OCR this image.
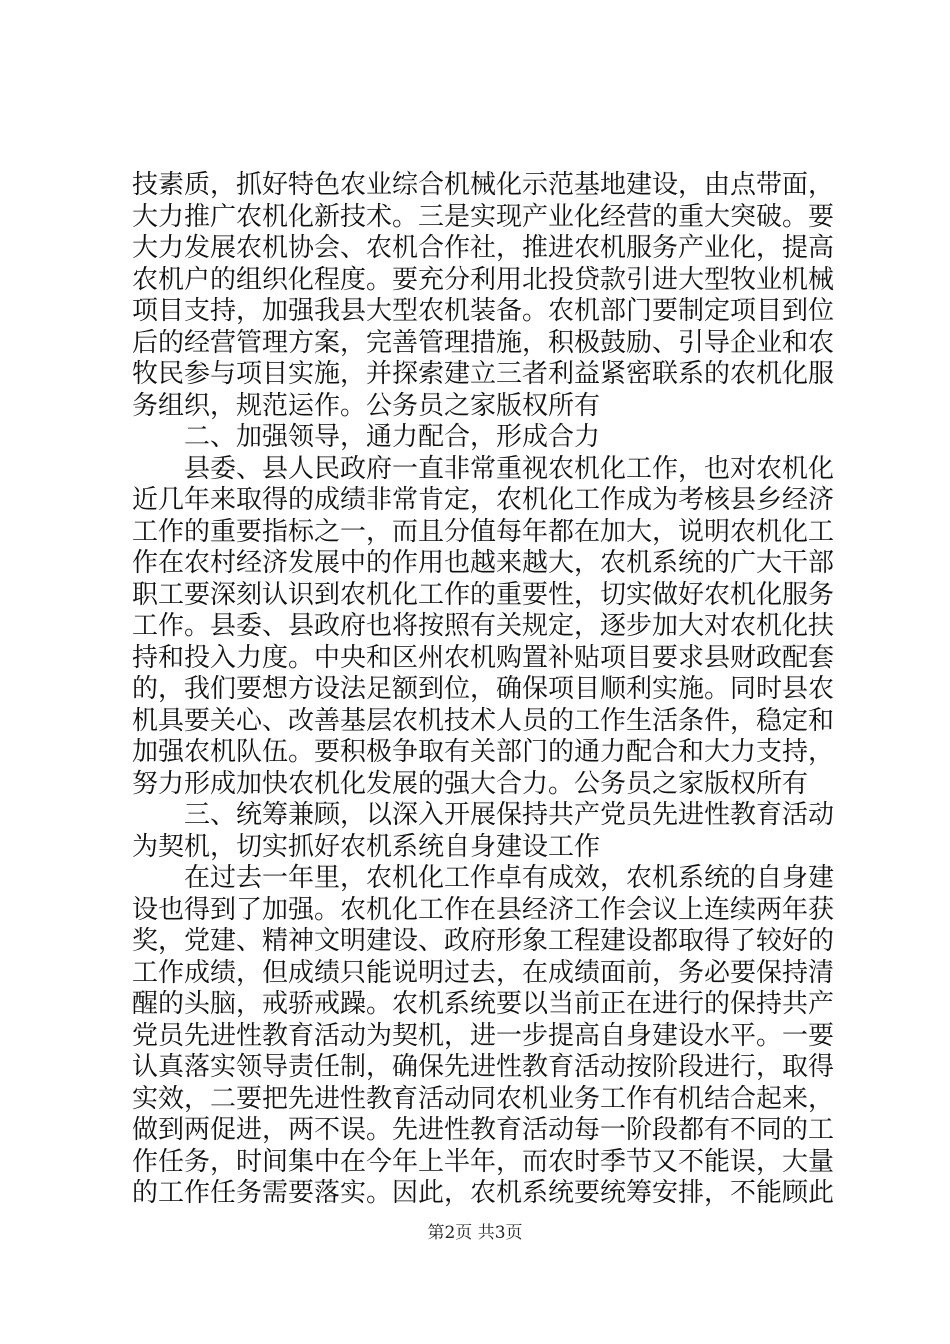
技素质，抓好特色农业综合机械化示范基地建设，由点带面，
大力推广农机化新技术。三是实现产业化经营的重大突破。要
大力发展农机协会、农机合作社，推进农机服务产业化，提高
农机户的组织化程度。要充分利用北投贷款引进大型牧业机械
项目支持，加强我县大型农机装备。农机部门要制定项目到位
后的经营管理方案，完善管理措施，积极鼓励、引导企业和农
牧民参与项目实施，并探索建立三者利益紧密联系的农机化服
务组织，规范运作。公务员之家版权所有
二、加强领导，通力配合，形成合力
县委、县人民政府一直非常重视农机化工作，也对农机化
近几年来取得的成绩非常肯定，农机化工作成为考核县乡经济
工作的重要指标之一，而且分值每年都在加大，说明农机化工
作在农村经济发展中的作用也越来越大，农机系统的广大干部
职工要深刻认识到农机化工作的重要性，切实做好农机化服务
工作。县委、县政府也将按照有关规定，逐步加大对农机化扶
持和投入力度。中央和区州农机购置补贴项目要求县财政配套
的，我们要想方设法足额到位，确保项目顺利实施。同时县农
机具要关心、改善基层农机技术人员的工作生活条件，稳定和
加强农机队伍。要积极争取有关部门的通力配合和大力支持，
努力形成加快农机化发展的强大合力。公务员之家版权所有
三、统筹兼顾，以深入开展保持共产党员先进性教育活动
为契机，切实抓好农机系统自身建设工作
在过去一年里，农机化工作卓有成效，农机系统的自身建
设也得到了加强。农机化工作在县经济工作会议上连续两年获
奖，党建、精神文明建设、政府形象工程建设都取得了较好的
工作成绩，但成绩只能说明过去，在成绩面前，务必要保持清
醒的头脑，戒骄戒躁。农机系统要以当前正在进行的保持共产
党员先进性教育活动为契机，进一步提高自身建设水平。一要
认真落实领导责任制，确保先进性教育活动按阶段进行，取得
实效，二要把先进性教育活动同农机业务工作有机结合起来，
做到两促进，两不误。先进性教育活动每一阶段都有不同的工
作任务，时间集中在今年上半年，而农时季节又不能误，大量
的工作任务需要落实。因此，农机系统要统筹安排，不能顾此
第2页 共3页
